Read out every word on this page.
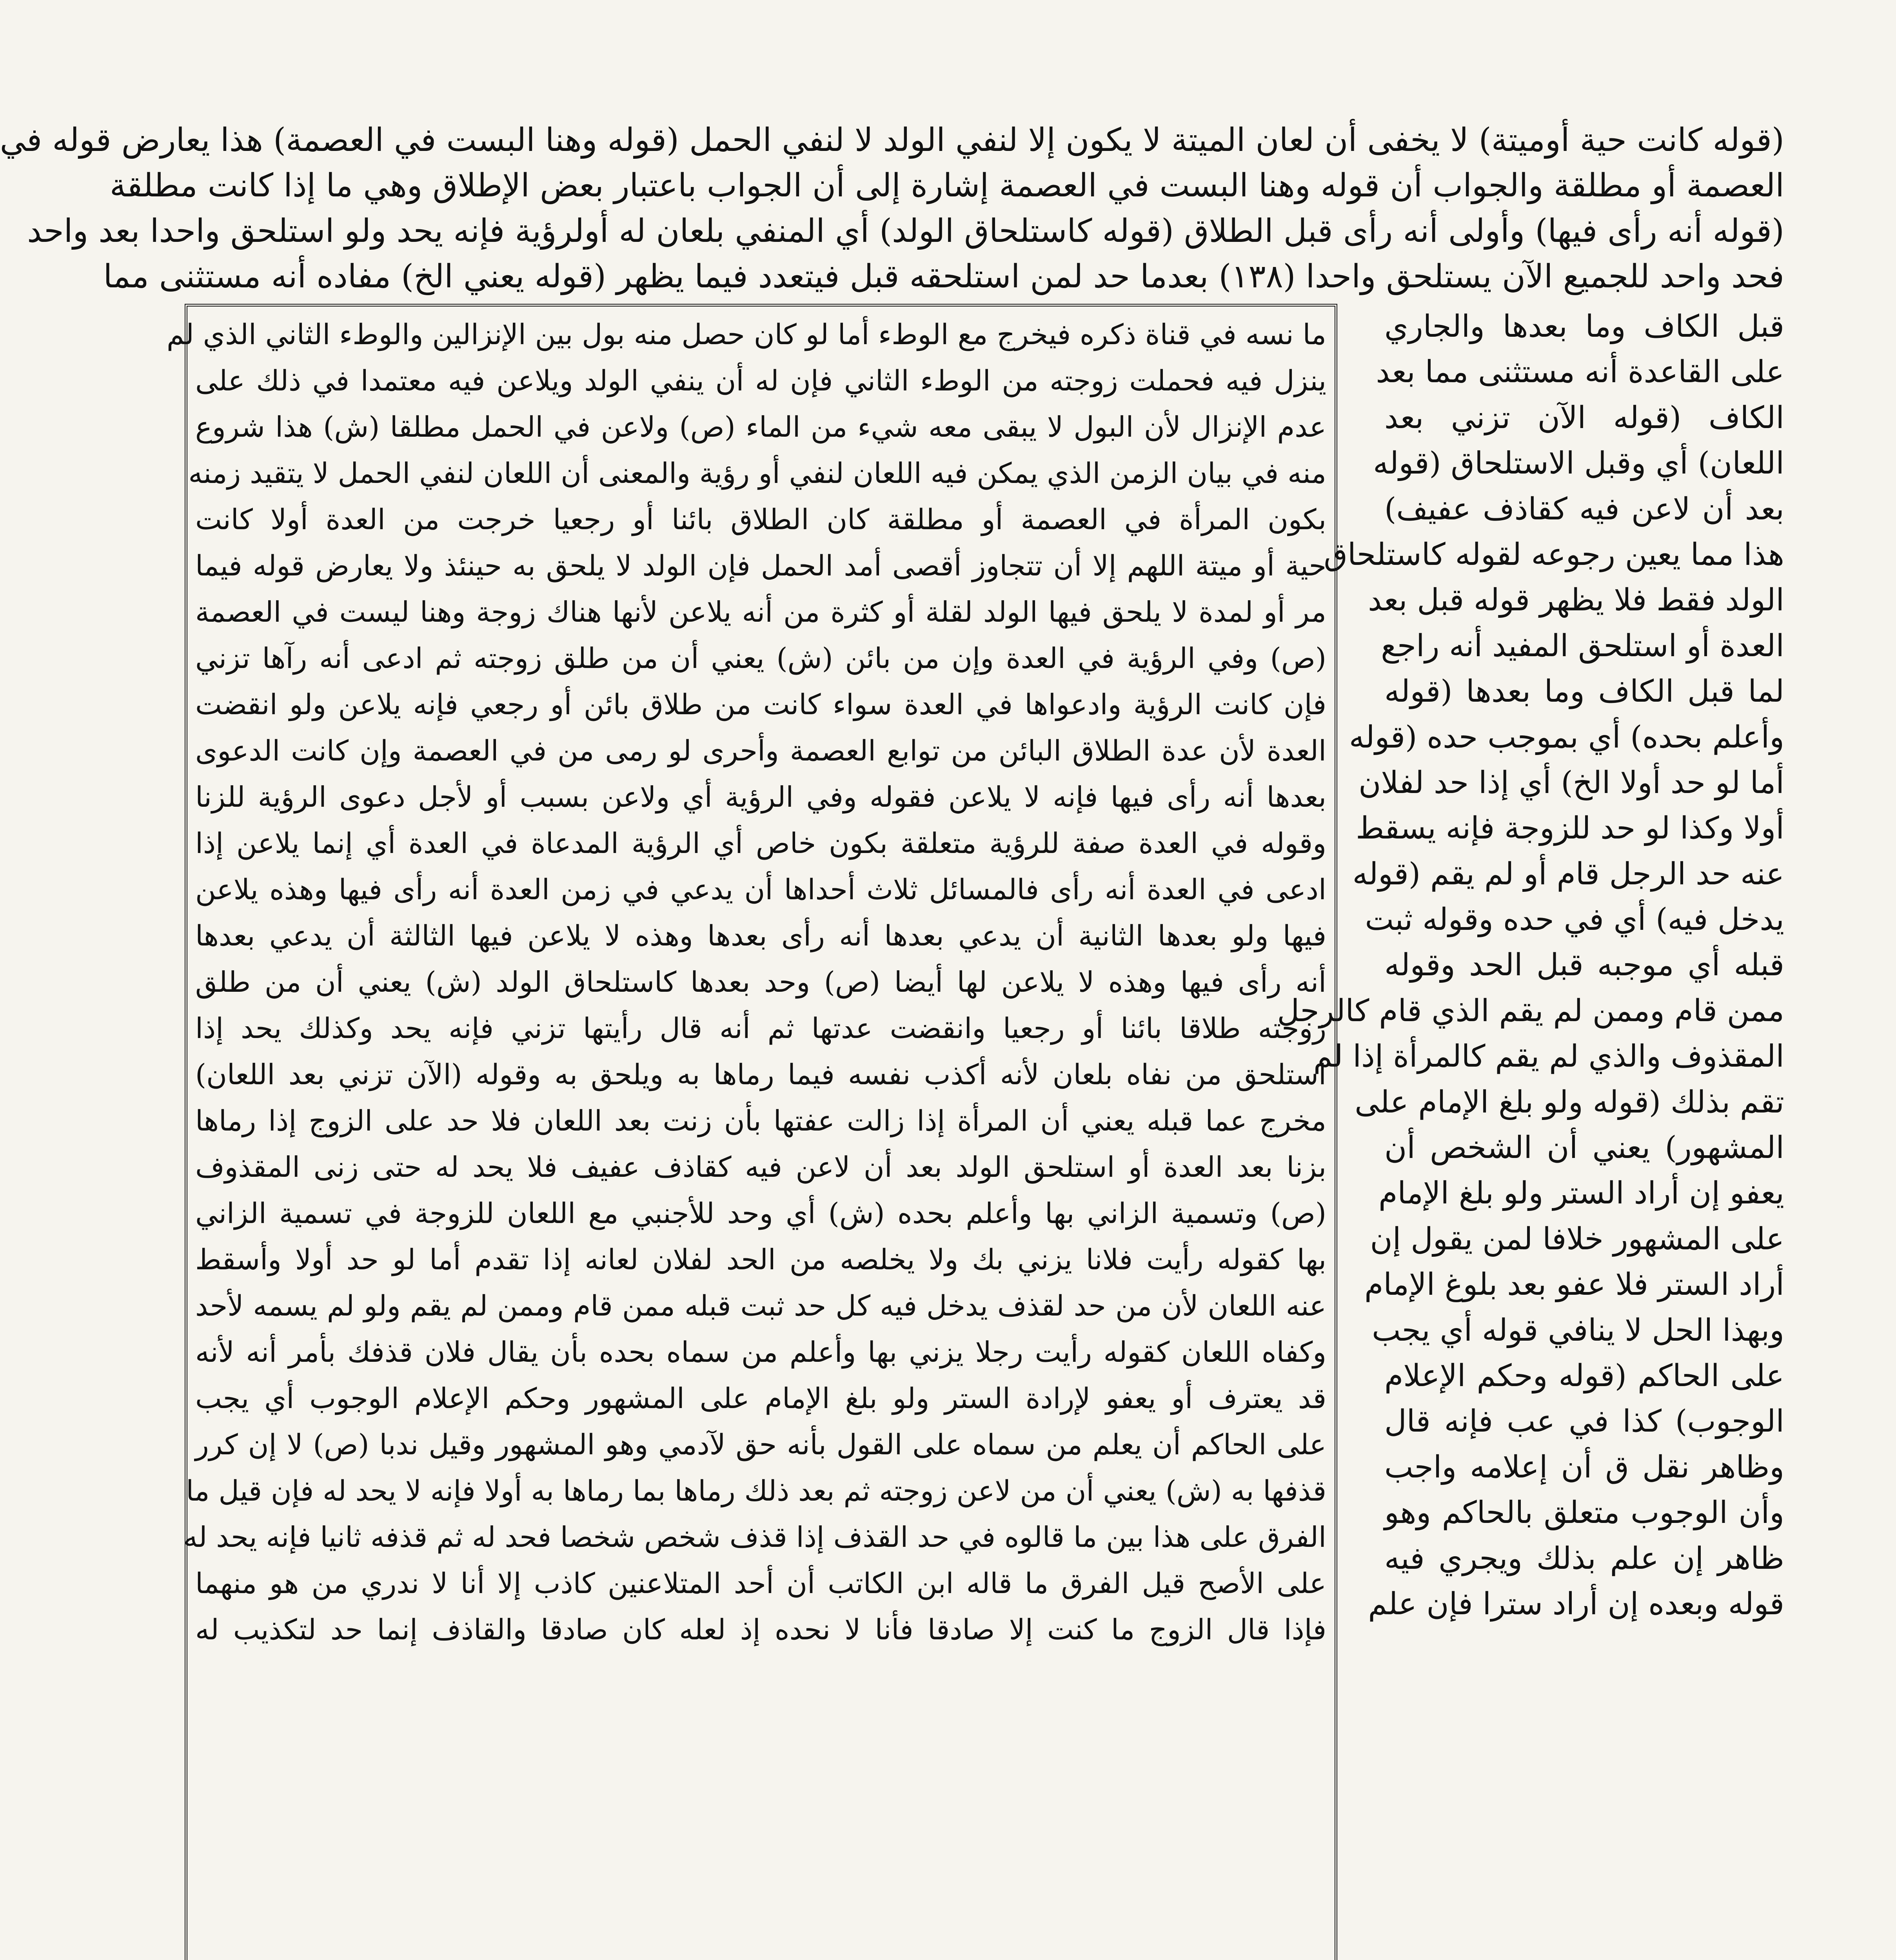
(قوله كانت حية أوميتة) لا يخفى أن لعان الميتة لا يكون إلا لنفي الولد لا لنفي الحمل (قوله وهنا البست في العصمة) هذا يعارض قوله في
العصمة أو مطلقة والجواب أن قوله وهنا البست في العصمة إشارة إلى أن الجواب باعتبار بعض الإطلاق وهي ما إذا كانت مطلقة
(قوله أنه رأى فيها) وأولى أنه رأى قبل الطلاق (قوله كاستلحاق الولد) أي المنفي بلعان له أولرؤية فإنه يحد ولو استلحق واحدا بعد واحد
فحد واحد للجميع الآن يستلحق واحدا (١٣٨) بعدما حد لمن استلحقه قبل فيتعدد فيما يظهر (قوله يعني الخ) مفاده أنه مستثنى مما
قبل الكاف وما بعدها والجاري
على القاعدة أنه مستثنى مما بعد
الكاف (قوله الآن تزني بعد
اللعان) أي وقبل الاستلحاق (قوله
بعد أن لاعن فيه كقاذف عفيف)
هذا مما يعين رجوعه لقوله كاستلحاق
الولد فقط فلا يظهر قوله قبل بعد
العدة أو استلحق المفيد أنه راجع
لما قبل الكاف وما بعدها (قوله
وأعلم بحده) أي بموجب حده (قوله
أما لو حد أولا الخ) أي إذا حد لفلان
أولا وكذا لو حد للزوجة فإنه يسقط
عنه حد الرجل قام أو لم يقم (قوله
يدخل فيه) أي في حده وقوله ثبت
قبله أي موجبه قبل الحد وقوله
ممن قام وممن لم يقم الذي قام كالرجل
المقذوف والذي لم يقم كالمرأة إذا لم
تقم بذلك (قوله ولو بلغ الإمام على
المشهور) يعني أن الشخص أن
يعفو إن أراد الستر ولو بلغ الإمام
على المشهور خلافا لمن يقول إن
أراد الستر فلا عفو بعد بلوغ الإمام
وبهذا الحل لا ينافي قوله أي يجب
على الحاكم (قوله وحكم الإعلام
الوجوب) كذا في عب فإنه قال
وظاهر نقل ق أن إعلامه واجب
وأن الوجوب متعلق بالحاكم وهو
ظاهر إن علم بذلك ويجري فيه
قوله وبعده إن أراد سترا فإن علم
ما نسه في قناة ذكره فيخرج مع الوطء أما لو كان حصل منه بول بين الإنزالين والوطء الثاني الذي لم
ينزل فيه فحملت زوجته من الوطء الثاني فإن له أن ينفي الولد ويلاعن فيه معتمدا في ذلك على
عدم الإنزال لأن البول لا يبقى معه شيء من الماء (ص) ولاعن في الحمل مطلقا (ش) هذا شروع
منه في بيان الزمن الذي يمكن فيه اللعان لنفي أو رؤية والمعنى أن اللعان لنفي الحمل لا يتقيد زمنه
بكون المرأة في العصمة أو مطلقة كان الطلاق بائنا أو رجعيا خرجت من العدة أولا كانت
حية أو ميتة اللهم إلا أن تتجاوز أقصى أمد الحمل فإن الولد لا يلحق به حينئذ ولا يعارض قوله فيما
مر أو لمدة لا يلحق فيها الولد لقلة أو كثرة من أنه يلاعن لأنها هناك زوجة وهنا ليست في العصمة
(ص) وفي الرؤية في العدة وإن من بائن (ش) يعني أن من طلق زوجته ثم ادعى أنه رآها تزني
فإن كانت الرؤية وادعواها في العدة سواء كانت من طلاق بائن أو رجعي فإنه يلاعن ولو انقضت
العدة لأن عدة الطلاق البائن من توابع العصمة وأحرى لو رمى من في العصمة وإن كانت الدعوى
بعدها أنه رأى فيها فإنه لا يلاعن فقوله وفي الرؤية أي ولاعن بسبب أو لأجل دعوى الرؤية للزنا
وقوله في العدة صفة للرؤية متعلقة بكون خاص أي الرؤية المدعاة في العدة أي إنما يلاعن إذا
ادعى في العدة أنه رأى فالمسائل ثلاث أحداها أن يدعي في زمن العدة أنه رأى فيها وهذه يلاعن
فيها ولو بعدها الثانية أن يدعي بعدها أنه رأى بعدها وهذه لا يلاعن فيها الثالثة أن يدعي بعدها
أنه رأى فيها وهذه لا يلاعن لها أيضا (ص) وحد بعدها كاستلحاق الولد (ش) يعني أن من طلق
زوجته طلاقا بائنا أو رجعيا وانقضت عدتها ثم أنه قال رأيتها تزني فإنه يحد وكذلك يحد إذا
استلحق من نفاه بلعان لأنه أكذب نفسه فيما رماها به ويلحق به وقوله (الآن تزني بعد اللعان)
مخرج عما قبله يعني أن المرأة إذا زالت عفتها بأن زنت بعد اللعان فلا حد على الزوج إذا رماها
بزنا بعد العدة أو استلحق الولد بعد أن لاعن فيه كقاذف عفيف فلا يحد له حتى زنى المقذوف
(ص) وتسمية الزاني بها وأعلم بحده (ش) أي وحد للأجنبي مع اللعان للزوجة في تسمية الزاني
بها كقوله رأيت فلانا يزني بك ولا يخلصه من الحد لفلان لعانه إذا تقدم أما لو حد أولا وأسقط
عنه اللعان لأن من حد لقذف يدخل فيه كل حد ثبت قبله ممن قام وممن لم يقم ولو لم يسمه لأحد
وكفاه اللعان كقوله رأيت رجلا يزني بها وأعلم من سماه بحده بأن يقال فلان قذفك بأمر أنه لأنه
قد يعترف أو يعفو لإرادة الستر ولو بلغ الإمام على المشهور وحكم الإعلام الوجوب أي يجب
على الحاكم أن يعلم من سماه على القول بأنه حق لآدمي وهو المشهور وقيل ندبا (ص) لا إن كرر
قذفها به (ش) يعني أن من لاعن زوجته ثم بعد ذلك رماها بما رماها به أولا فإنه لا يحد له فإن قيل ما
الفرق على هذا بين ما قالوه في حد القذف إذا قذف شخص شخصا فحد له ثم قذفه ثانيا فإنه يحد له
على الأصح قيل الفرق ما قاله ابن الكاتب أن أحد المتلاعنين كاذب إلا أنا لا ندري من هو منهما
فإذا قال الزوج ما كنت إلا صادقا فأنا لا نحده إذ لعله كان صادقا والقاذف إنما حد لتكذيب له
